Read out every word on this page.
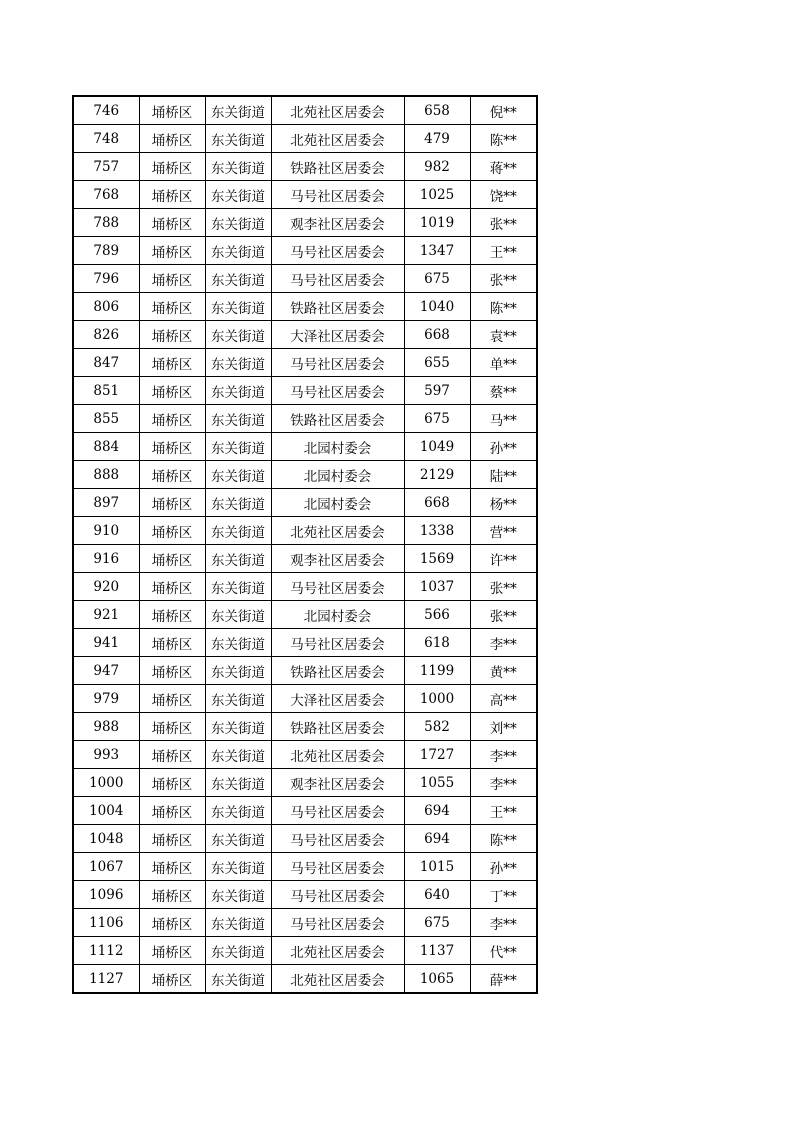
746	埇桥区	东关街道	北苑社区居委会	658	倪**
748	埇桥区	东关街道	北苑社区居委会	479	陈**
757	埇桥区	东关街道	铁路社区居委会	982	蒋**
768	埇桥区	东关街道	马号社区居委会	1025	饶**
788	埇桥区	东关街道	观李社区居委会	1019	张**
789	埇桥区	东关街道	马号社区居委会	1347	王**
796	埇桥区	东关街道	马号社区居委会	675	张**
806	埇桥区	东关街道	铁路社区居委会	1040	陈**
826	埇桥区	东关街道	大泽社区居委会	668	袁**
847	埇桥区	东关街道	马号社区居委会	655	单**
851	埇桥区	东关街道	马号社区居委会	597	蔡**
855	埇桥区	东关街道	铁路社区居委会	675	马**
884	埇桥区	东关街道	北园村委会	1049	孙**
888	埇桥区	东关街道	北园村委会	2129	陆**
897	埇桥区	东关街道	北园村委会	668	杨**
910	埇桥区	东关街道	北苑社区居委会	1338	营**
916	埇桥区	东关街道	观李社区居委会	1569	许**
920	埇桥区	东关街道	马号社区居委会	1037	张**
921	埇桥区	东关街道	北园村委会	566	张**
941	埇桥区	东关街道	马号社区居委会	618	李**
947	埇桥区	东关街道	铁路社区居委会	1199	黄**
979	埇桥区	东关街道	大泽社区居委会	1000	高**
988	埇桥区	东关街道	铁路社区居委会	582	刘**
993	埇桥区	东关街道	北苑社区居委会	1727	李**
1000	埇桥区	东关街道	观李社区居委会	1055	李**
1004	埇桥区	东关街道	马号社区居委会	694	王**
1048	埇桥区	东关街道	马号社区居委会	694	陈**
1067	埇桥区	东关街道	马号社区居委会	1015	孙**
1096	埇桥区	东关街道	马号社区居委会	640	丁**
1106	埇桥区	东关街道	马号社区居委会	675	李**
1112	埇桥区	东关街道	北苑社区居委会	1137	代**
1127	埇桥区	东关街道	北苑社区居委会	1065	薛**
